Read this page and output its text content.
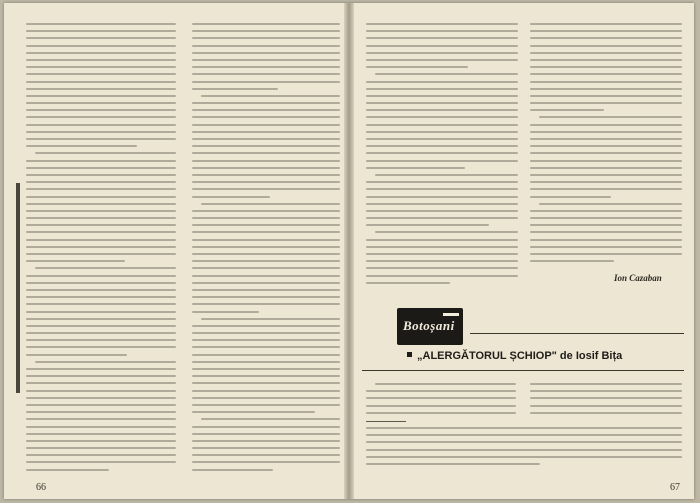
66
Ion Cazaban
Botoșani
„ALERGĂTORUL ȘCHIOP" de Iosif Bița
67
